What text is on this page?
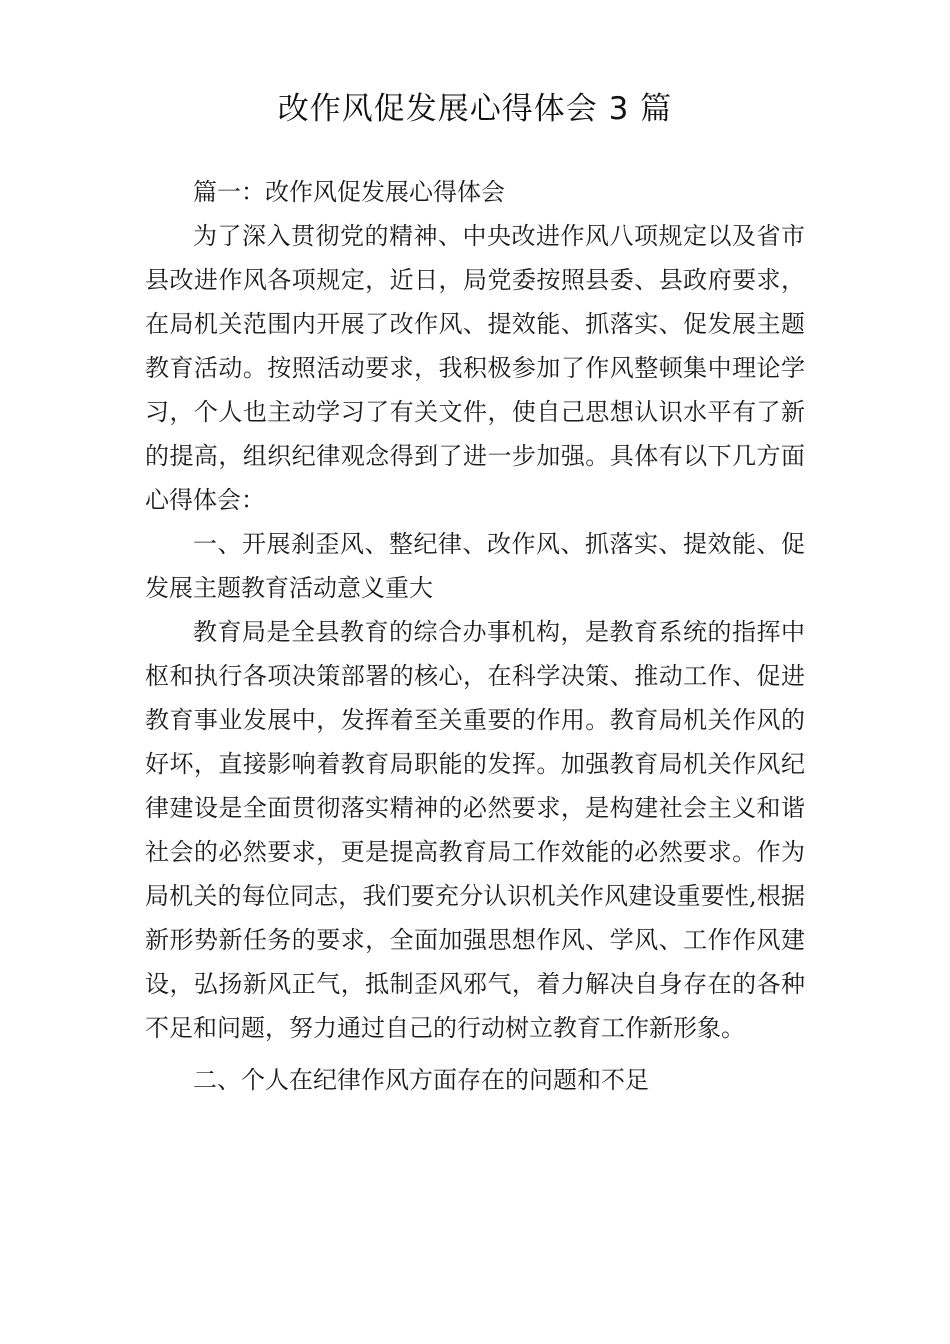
改作风促发展心得体会 3 篇

篇一：改作风促发展心得体会

为了深入贯彻党的精神、中央改进作风八项规定以及省市县改进作风各项规定，近日，局党委按照县委、县政府要求，在局机关范围内开展了改作风、提效能、抓落实、促发展主题教育活动。按照活动要求，我积极参加了作风整顿集中理论学习，个人也主动学习了有关文件，使自己思想认识水平有了新的提高，组织纪律观念得到了进一步加强。具体有以下几方面心得体会：

一、开展刹歪风、整纪律、改作风、抓落实、提效能、促发展主题教育活动意义重大

教育局是全县教育的综合办事机构，是教育系统的指挥中枢和执行各项决策部署的核心，在科学决策、推动工作、促进教育事业发展中，发挥着至关重要的作用。教育局机关作风的好坏，直接影响着教育局职能的发挥。加强教育局机关作风纪律建设是全面贯彻落实精神的必然要求，是构建社会主义和谐社会的必然要求，更是提高教育局工作效能的必然要求。作为局机关的每位同志，我们要充分认识机关作风建设重要性,根据新形势新任务的要求，全面加强思想作风、学风、工作作风建设，弘扬新风正气，抵制歪风邪气，着力解决自身存在的各种不足和问题，努力通过自己的行动树立教育工作新形象。

二、个人在纪律作风方面存在的问题和不足
